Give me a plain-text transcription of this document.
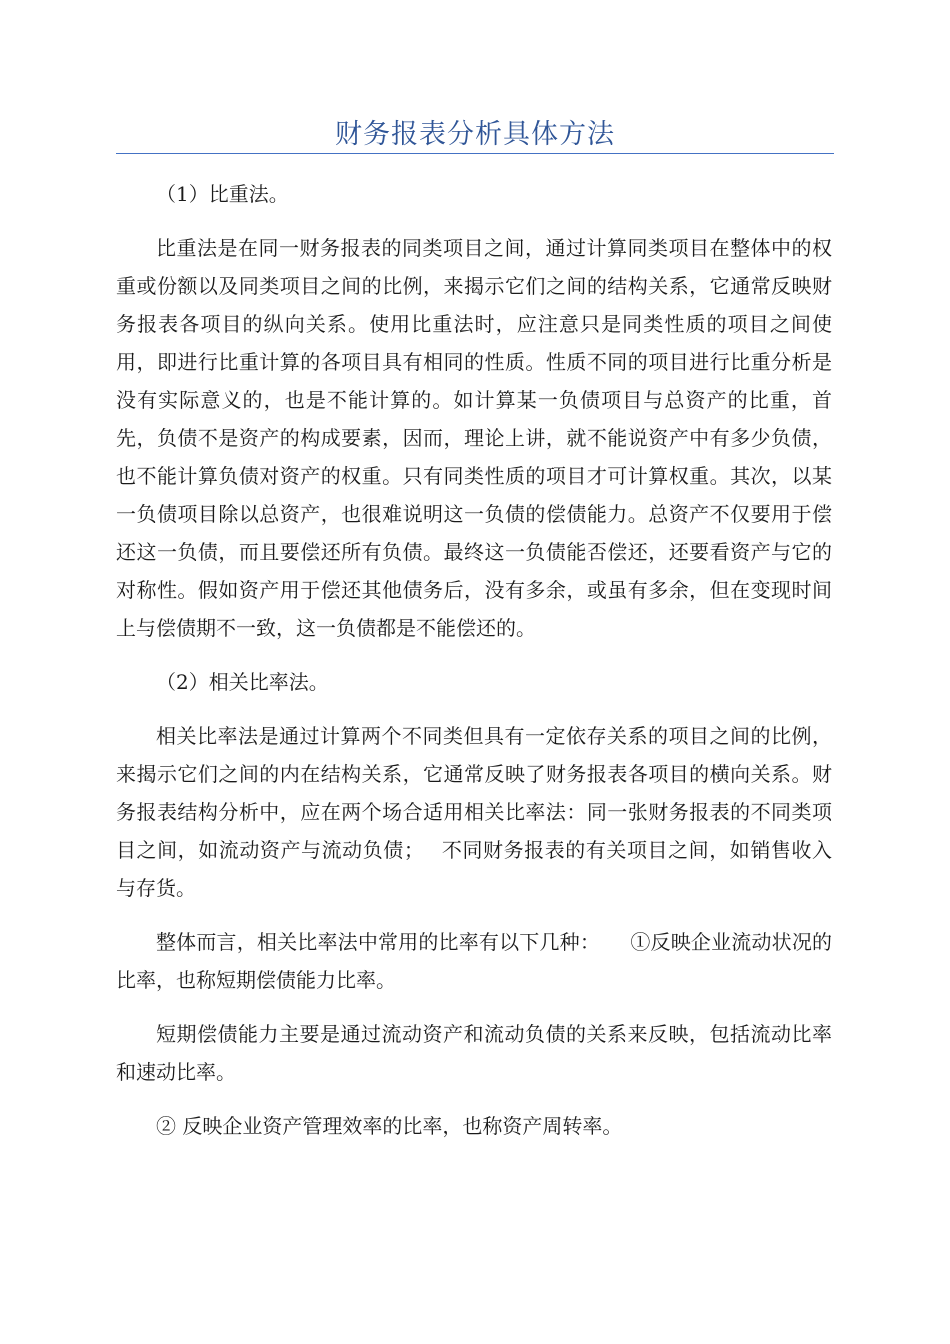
财务报表分析具体方法

（1）比重法。

比重法是在同一财务报表的同类项目之间，通过计算同类项目在整体中的权重或份额以及同类项目之间的比例，来揭示它们之间的结构关系，它通常反映财务报表各项目的纵向关系。使用比重法时，应注意只是同类性质的项目之间使用，即进行比重计算的各项目具有相同的性质。性质不同的项目进行比重分析是没有实际意义的，也是不能计算的。如计算某一负债项目与总资产的比重，首先，负债不是资产的构成要素，因而，理论上讲，就不能说资产中有多少负债，也不能计算负债对资产的权重。只有同类性质的项目才可计算权重。其次，以某一负债项目除以总资产，也很难说明这一负债的偿债能力。总资产不仅要用于偿还这一负债，而且要偿还所有负债。最终这一负债能否偿还，还要看资产与它的对称性。假如资产用于偿还其他债务后，没有多余，或虽有多余，但在变现时间上与偿债期不一致，这一负债都是不能偿还的。

（2）相关比率法。

相关比率法是通过计算两个不同类但具有一定依存关系的项目之间的比例，来揭示它们之间的内在结构关系，它通常反映了财务报表各项目的横向关系。财务报表结构分析中，应在两个场合适用相关比率法：同一张财务报表的不同类项目之间，如流动资产与流动负债；　 不同财务报表的有关项目之间，如销售收入与存货。

整体而言，相关比率法中常用的比率有以下几种：　　①反映企业流动状况的比率，也称短期偿债能力比率。

短期偿债能力主要是通过流动资产和流动负债的关系来反映，包括流动比率和速动比率。

② 反映企业资产管理效率的比率，也称资产周转率。
